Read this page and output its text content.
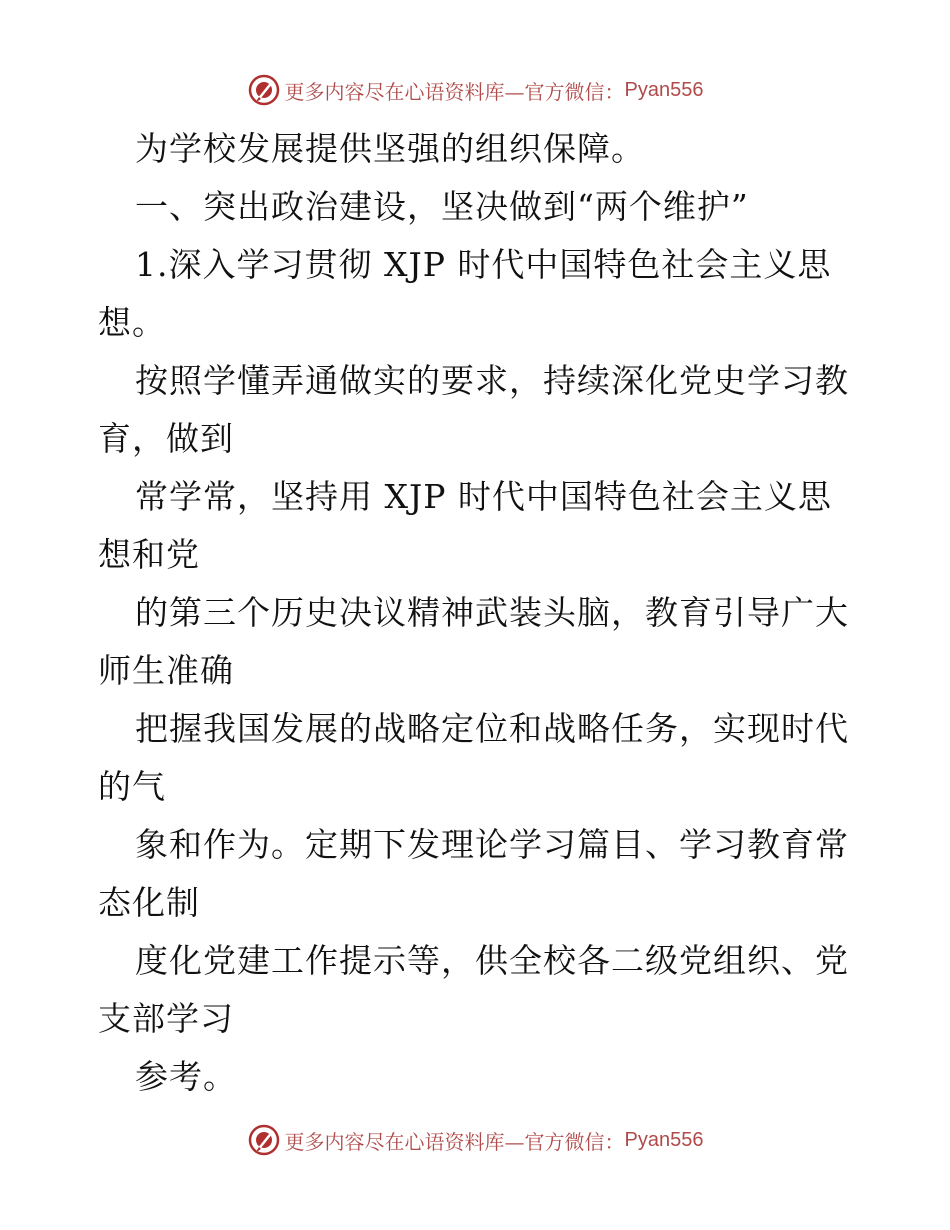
更多内容尽在心语资料库—官方微信： Pyan556
为学校发展提供坚强的组织保障。
一、突出政治建设，坚决做到“两个维护”
1.深入学习贯彻 XJP 时代中国特色社会主义思
想。
按照学懂弄通做实的要求，持续深化党史学习教
育，做到
常学常，坚持用 XJP 时代中国特色社会主义思
想和党
的第三个历史决议精神武装头脑，教育引导广大
师生准确
把握我国发展的战略定位和战略任务，实现时代
的气
象和作为。定期下发理论学习篇目、学习教育常
态化制
度化党建工作提示等，供全校各二级党组织、党
支部学习
参考。
更多内容尽在心语资料库—官方微信： Pyan556
